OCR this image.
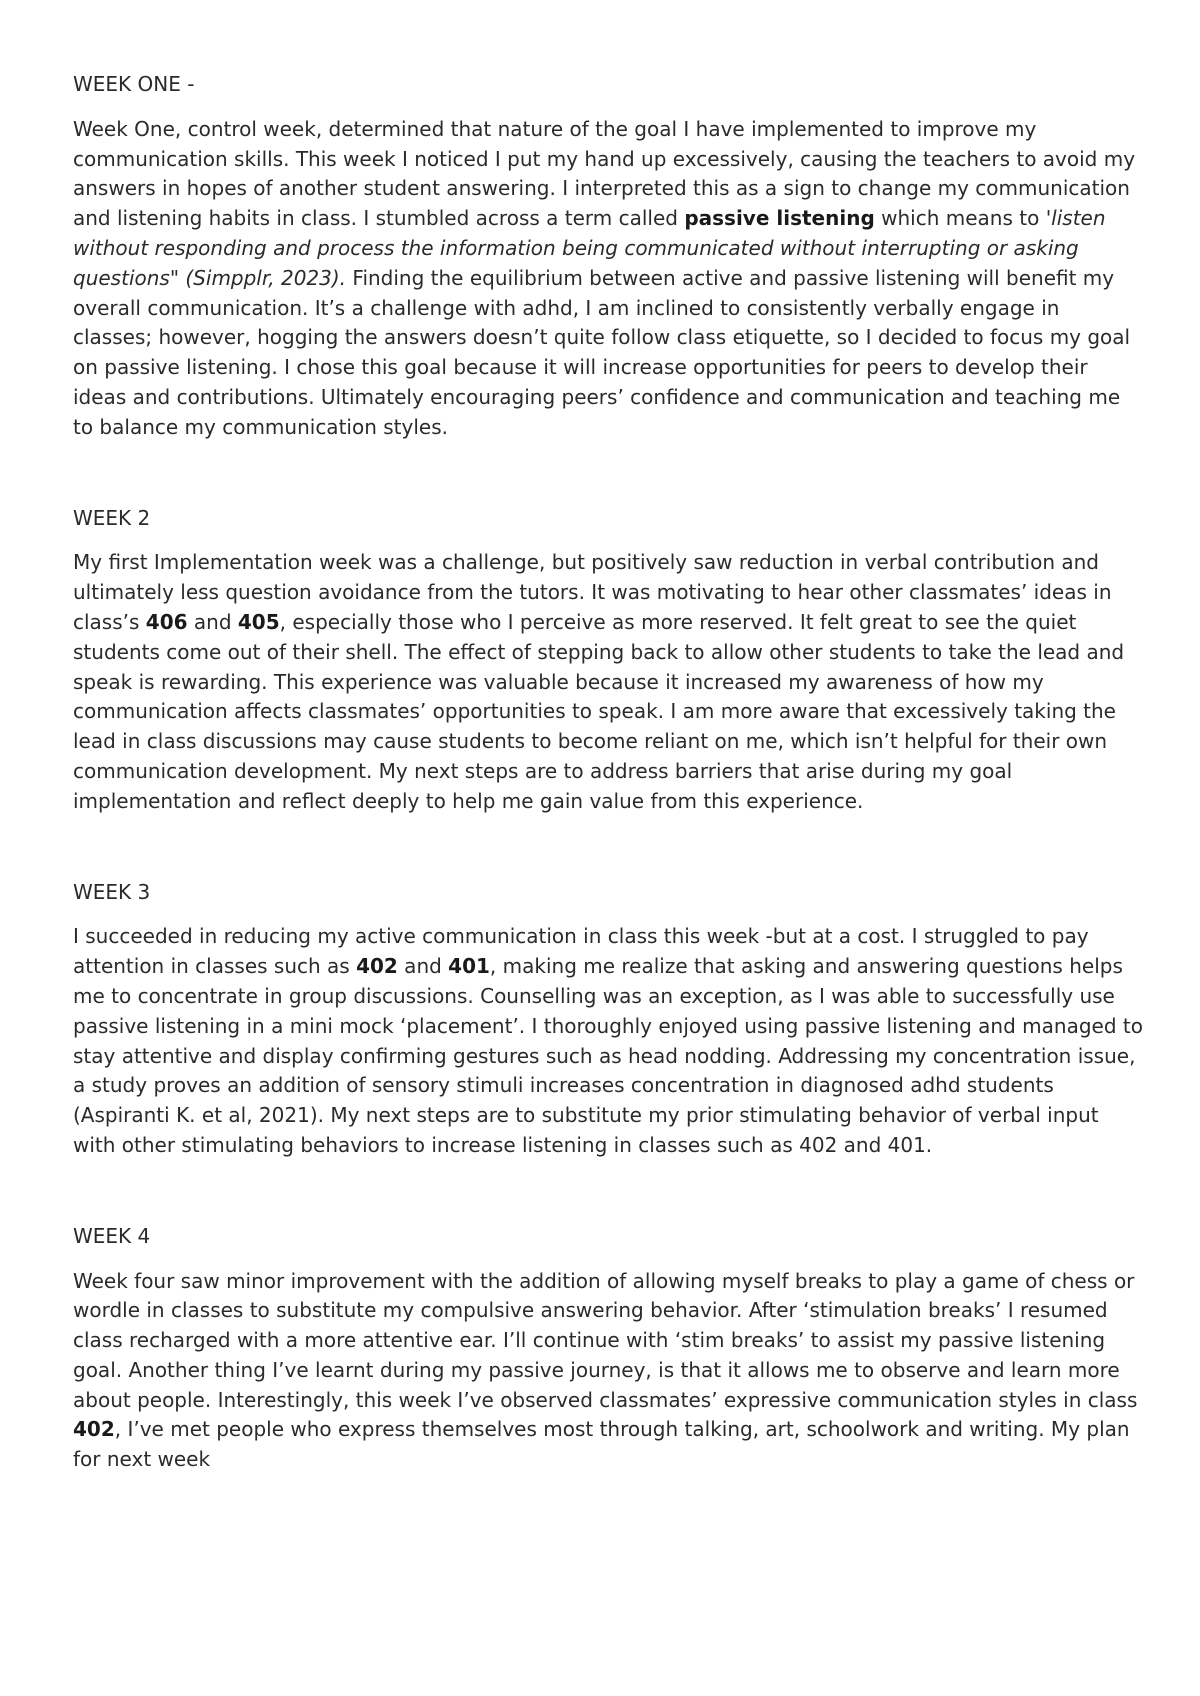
WEEK ONE -

Week One, control week, determined that nature of the goal I have implemented to improve my communication skills. This week I noticed I put my hand up excessively, causing the teachers to avoid my answers in hopes of another student answering. I interpreted this as a sign to change my communication and listening habits in class. I stumbled across a term called passive listening which means to 'listen without responding and process the information being communicated without interrupting or asking questions" (Simpplr, 2023). Finding the equilibrium between active and passive listening will benefit my overall communication. It’s a challenge with adhd, I am inclined to consistently verbally engage in classes; however, hogging the answers doesn’t quite follow class etiquette, so I decided to focus my goal on passive listening. I chose this goal because it will increase opportunities for peers to develop their ideas and contributions. Ultimately encouraging peers’ confidence and communication and teaching me to balance my communication styles.

WEEK 2

My first Implementation week was a challenge, but positively saw reduction in verbal contribution and ultimately less question avoidance from the tutors. It was motivating to hear other classmates’ ideas in class’s 406 and 405, especially those who I perceive as more reserved. It felt great to see the quiet students come out of their shell. The effect of stepping back to allow other students to take the lead and speak is rewarding. This experience was valuable because it increased my awareness of how my communication affects classmates’ opportunities to speak. I am more aware that excessively taking the lead in class discussions may cause students to become reliant on me, which isn’t helpful for their own communication development. My next steps are to address barriers that arise during my goal implementation and reflect deeply to help me gain value from this experience.

WEEK 3

I succeeded in reducing my active communication in class this week -but at a cost. I struggled to pay attention in classes such as 402 and 401, making me realize that asking and answering questions helps me to concentrate in group discussions. Counselling was an exception, as I was able to successfully use passive listening in a mini mock ‘placement’. I thoroughly enjoyed using passive listening and managed to stay attentive and display confirming gestures such as head nodding. Addressing my concentration issue, a study proves an addition of sensory stimuli increases concentration in diagnosed adhd students (Aspiranti K. et al, 2021). My next steps are to substitute my prior stimulating behavior of verbal input with other stimulating behaviors to increase listening in classes such as 402 and 401.

WEEK 4

Week four saw minor improvement with the addition of allowing myself breaks to play a game of chess or wordle in classes to substitute my compulsive answering behavior. After ‘stimulation breaks’ I resumed class recharged with a more attentive ear. I’ll continue with ‘stim breaks’ to assist my passive listening goal. Another thing I’ve learnt during my passive journey, is that it allows me to observe and learn more about people. Interestingly, this week I’ve observed classmates’ expressive communication styles in class 402, I’ve met people who express themselves most through talking, art, schoolwork and writing. My plan for next week
